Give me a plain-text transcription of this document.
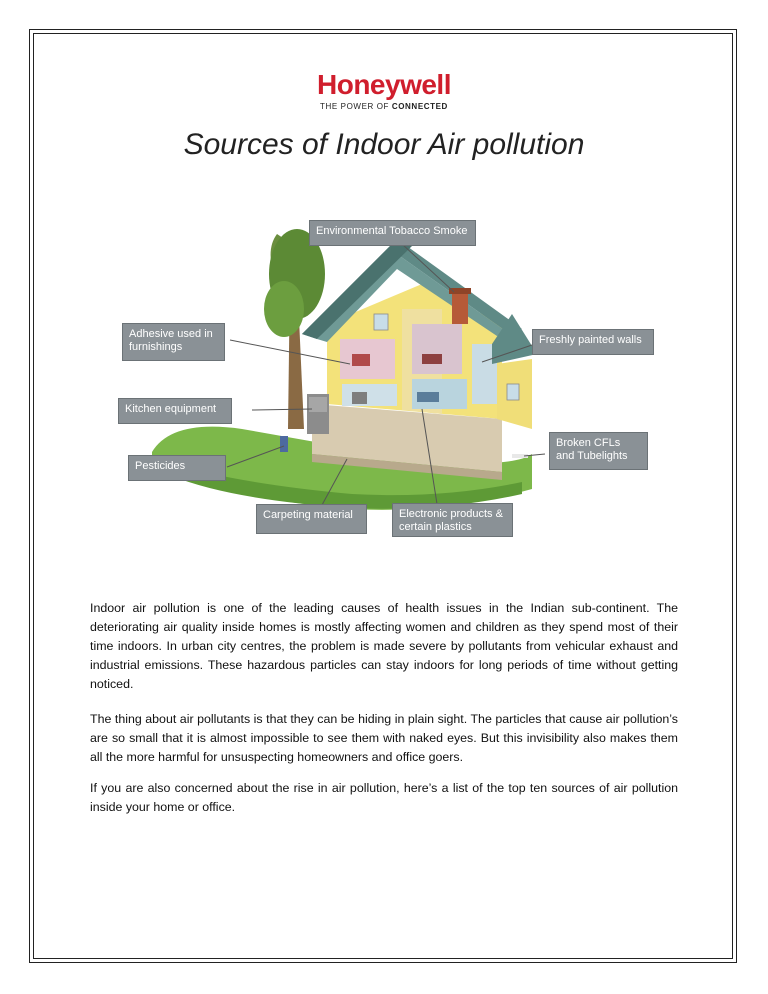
Honeywell
THE POWER OF CONNECTED
Sources of Indoor Air pollution
Environmental Tobacco Smoke
Adhesive used in furnishings
Freshly painted walls
Kitchen equipment
Broken CFLs and Tubelights
Pesticides
Carpeting material	Electronic products & certain plastics
Indoor air pollution is one of the leading causes of health issues in the Indian sub-continent. The deteriorating air quality inside homes is mostly affecting women and children as they spend most of their time indoors. In urban city centres, the problem is made severe by pollutants from vehicular exhaust and industrial emissions. These hazardous particles can stay indoors for long periods of time without getting noticed.
The thing about air pollutants is that they can be hiding in plain sight. The particles that cause air pollution’s are so small that it is almost impossible to see them with naked eyes. But this invisibility also makes them all the more harmful for unsuspecting homeowners and office goers.
If you are also concerned about the rise in air pollution, here’s a list of the top ten sources of air pollution inside your home or office.
